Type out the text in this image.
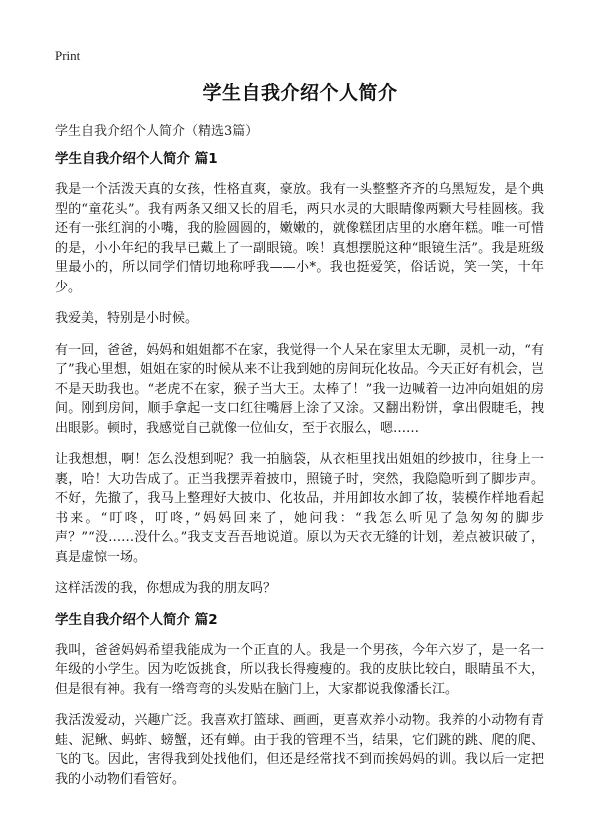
Print
学生自我介绍个人简介
学生自我介绍个人简介（精选3篇）
学生自我介绍个人简介 篇1

我是一个活泼天真的女孩，性格直爽，豪放。我有一头整整齐齐的乌黑短发，是个典型的“童花头”。我有两条又细又长的眉毛，两只水灵的大眼睛像两颗大号桂圆核。我还有一张红润的小嘴，我的脸圆圆的，嫩嫩的，就像糕团店里的水磨年糕。唯一可惜的是，小小年纪的我早已戴上了一副眼镜。唉！真想摆脱这种“眼镜生活”。我是班级里最小的，所以同学们情切地称呼我——小*。我也挺爱笑，俗话说，笑一笑，十年少。

我爱美，特别是小时候。

有一回，爸爸，妈妈和姐姐都不在家，我觉得一个人呆在家里太无聊，灵机一动，“有了”我心里想，姐姐在家的时候从来不让我到她的房间玩化妆品。今天正好有机会，岂不是天助我也。“老虎不在家，猴子当大王。太棒了！”我一边喊着一边冲向姐姐的房间。刚到房间，顺手拿起一支口红往嘴唇上涂了又涂。又翻出粉饼，拿出假睫毛，拽出眼影。顿时，我感觉自己就像一位仙女，至于衣服么，嗯……

让我想想，啊！怎么没想到呢？我一拍脑袋，从衣柜里找出姐姐的纱披巾，往身上一裹，哈！大功告成了。正当我摆弄着披巾，照镜子时，突然，我隐隐听到了脚步声。不好，先撤了，我马上整理好大披巾、化妆品，并用卸妆水卸了妆，装模作样地看起书来。“叮咚，叮咚，”妈妈回来了，她问我：“我怎么听见了急匆匆的脚步声？”“没……没什么。”我支支吾吾地说道。原以为天衣无缝的计划，差点被识破了，真是虚惊一场。

这样活泼的我，你想成为我的朋友吗？

学生自我介绍个人简介 篇2

我叫，爸爸妈妈希望我能成为一个正直的人。我是一个男孩，今年六岁了，是一名一年级的小学生。因为吃饭挑食，所以我长得瘦瘦的。我的皮肤比较白，眼睛虽不大，但是很有神。我有一绺弯弯的头发贴在脑门上，大家都说我像潘长江。

我活泼爱动，兴趣广泛。我喜欢打篮球、画画，更喜欢养小动物。我养的小动物有青蛙、泥鳅、蚂蚱、螃蟹，还有蝉。由于我的管理不当，结果，它们跳的跳、爬的爬、飞的飞。因此，害得我到处找他们，但还是经常找不到而挨妈妈的训。我以后一定把我的小动物们看管好。
